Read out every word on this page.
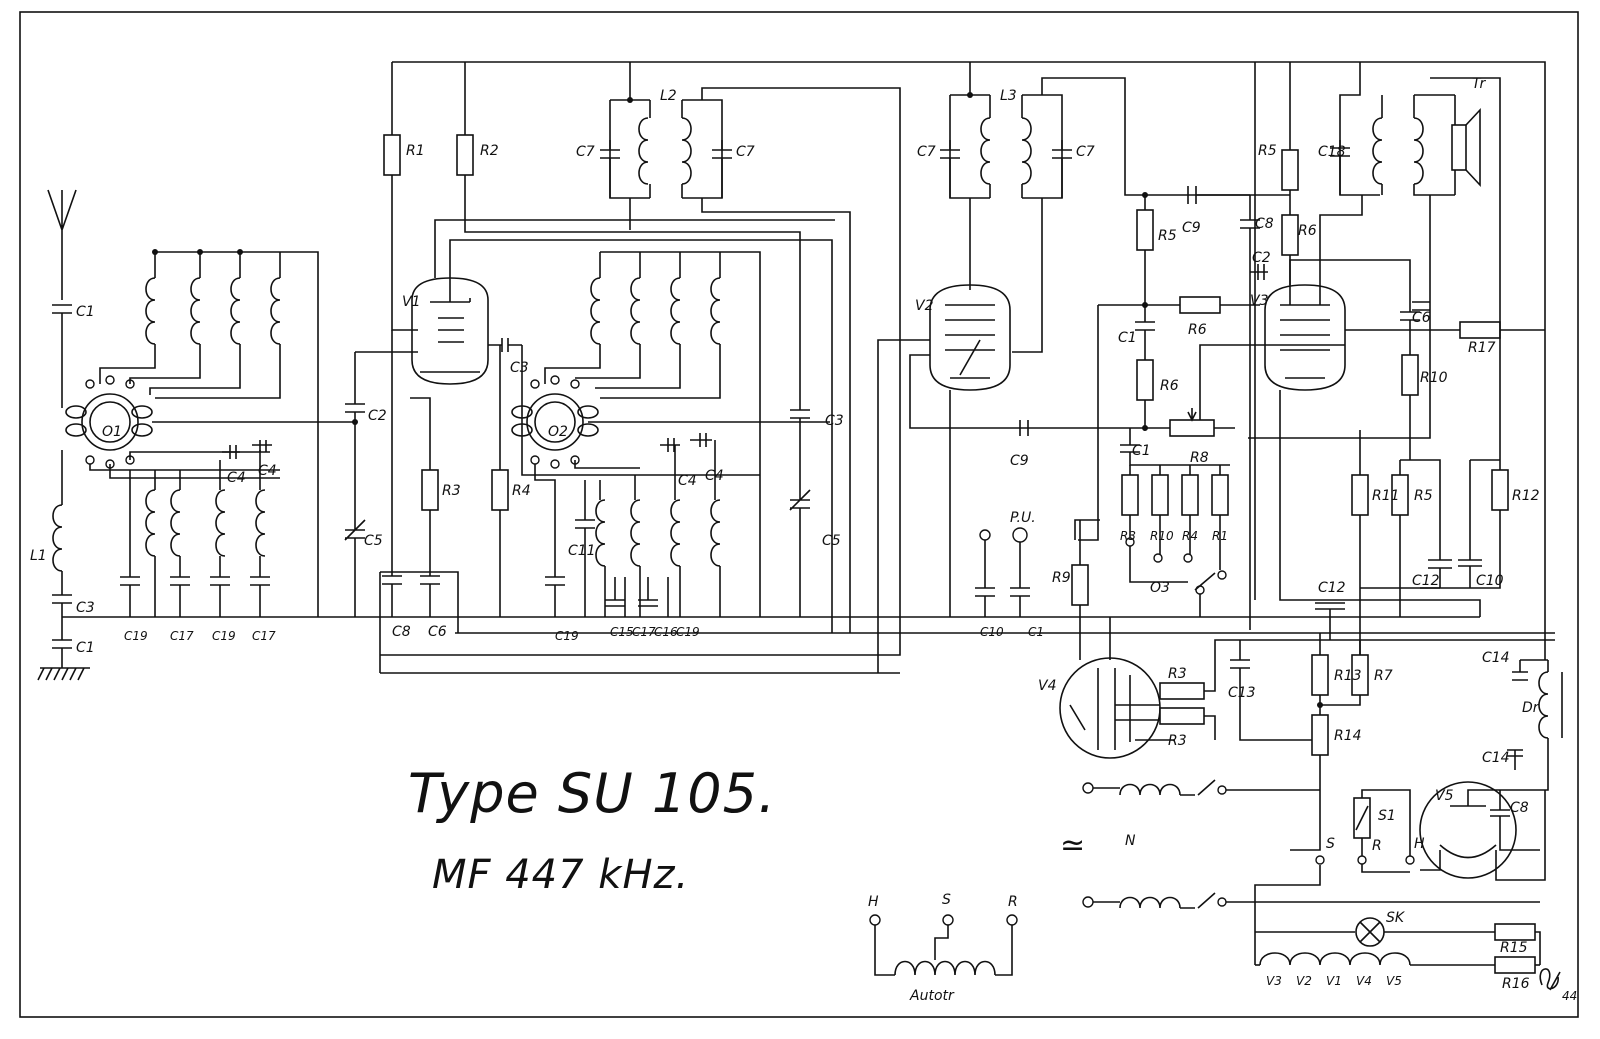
≃	N
C1
C3
C1
L1
O1	O2
O3
C19 C17 C19 C17
C4 C4
C2
C5
V1
R1	R2
R3	R4
C8 C6
C3
L2
C7	C7
C11
C19	C15
C17
C16
C19
C4 C4
C3
C5
L3
C7	C7
V2
R5 C9
C9
C1	R6
R6
C1	R8
R3 R10 R4 R1
P.U.
C10 C1
R9
V3
R5
R6
C8
C2
C6
R17
R10
R11 R5	R12
C12	C12	C10
C13
Tr
C18
V4
R3
R3
R13 R7
R14
C14
C14
Dr
C8
V5
S1
S	R H
SK
R15
R16
V3 V2 V1 V4 V5
Autotr
H	S	R
Type SU 105.
MF 447 kHz.
44
